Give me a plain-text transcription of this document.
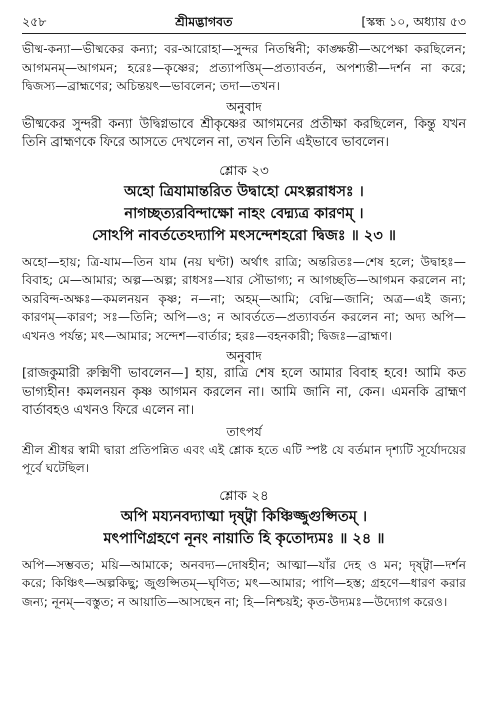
২৫৮	শ্রীমদ্ভাগবত	[স্কন্ধ ১০, অধ্যায় ৫৩

ভীষ্ম-কন্যা—ভীষ্মকের কন্যা; বর-আরোহা—সুন্দর নিতম্বিনী; কাঙ্ক্ষন্তী—অপেক্ষা করছিলেন; আগমনম্—আগমন; হরেঃ—কৃষ্ণের; প্রত্যাপত্তিম্—প্রত্যাবর্তন, অপশ্যন্তী—দর্শন না করে; দ্বিজস্য—ব্রাহ্মণের; অচিন্তয়ৎ—ভাবলেন; তদা—তখন।

অনুবাদ

ভীষ্মকের সুন্দরী কন্যা উদ্বিগ্নভাবে শ্রীকৃষ্ণের আগমনের প্রতীক্ষা করছিলেন, কিন্তু যখন তিনি ব্রাহ্মণকে ফিরে আসতে দেখলেন না, তখন তিনি এইভাবে ভাবলেন।

শ্লোক ২৩
অহো ত্রিযামান্তরিত উদ্বাহো মেঽল্পরাধসঃ ।
নাগচ্ছত্যরবিন্দাক্ষো নাহং বেদ্ম্যত্র কারণম্ ।
সোঽপি নাবর্ততেঽদ্যাপি মৎসন্দেশহরো দ্বিজঃ ॥ ২৩ ॥

অহো—হায়; ত্রি-যাম—তিন যাম (নয় ঘণ্টা) অর্থাৎ রাত্রি; অন্তরিতঃ—শেষ হলে; উদ্বাহঃ—বিবাহ; মে—আমার; অল্প—অল্প; রাধসঃ—যার সৌভাগ্য; ন আগচ্ছতি—আগমন করলেন না; অরবিন্দ-অক্ষঃ—কমলনয়ন কৃষ্ণ; ন—না; অহম্—আমি; বেদ্মি—জানি; অত্র—এই জন্য; কারণম্—কারণ; সঃ—তিনি; অপি—ও; ন আবর্ততে—প্রত্যাবর্তন করলেন না; অদ্য অপি—এখনও পর্যন্ত; মৎ—আমার; সন্দেশ—বার্তার; হরঃ—বহনকারী; দ্বিজঃ—ব্রাহ্মণ।

অনুবাদ

[রাজকুমারী রুক্মিণী ভাবলেন—] হায়, রাত্রি শেষ হলে আমার বিবাহ হবে! আমি কত ভাগ্যহীন! কমলনয়ন কৃষ্ণ আগমন করলেন না। আমি জানি না, কেন। এমনকি ব্রাহ্মণ বার্তাবহও এখনও ফিরে এলেন না।

তাৎপর্য

শ্রীল শ্রীধর স্বামী দ্বারা প্রতিপন্নিত এবং এই শ্লোক হতে এটি স্পষ্ট যে বর্তমান দৃশ্যটি সূর্যোদয়ের পূর্বে ঘটেছিল।

শ্লোক ২৪
অপি ময্যনবদ্যাত্মা দৃষ্ট্বা কিঞ্চিজ্জুগুপ্সিতম্ ।
মৎপাণিগ্রহণে নূনং নায়াতি হি কৃতোদ্যমঃ ॥ ২৪ ॥

অপি—সম্ভবত; ময়ি—আমাকে; অনবদ্য—দোষহীন; আত্মা—যাঁর দেহ ও মন; দৃষ্ট্বা—দর্শন করে; কিঞ্চিৎ—অল্পকিছু; জুগুপ্সিতম্—ঘৃণিত; মৎ—আমার; পাণি—হস্ত; গ্রহণে—ধারণ করার জন্য; নূনম্—বস্তুত; ন আয়াতি—আসছেন না; হি—নিশ্চয়ই; কৃত-উদ্যমঃ—উদ্যোগ করেও।
